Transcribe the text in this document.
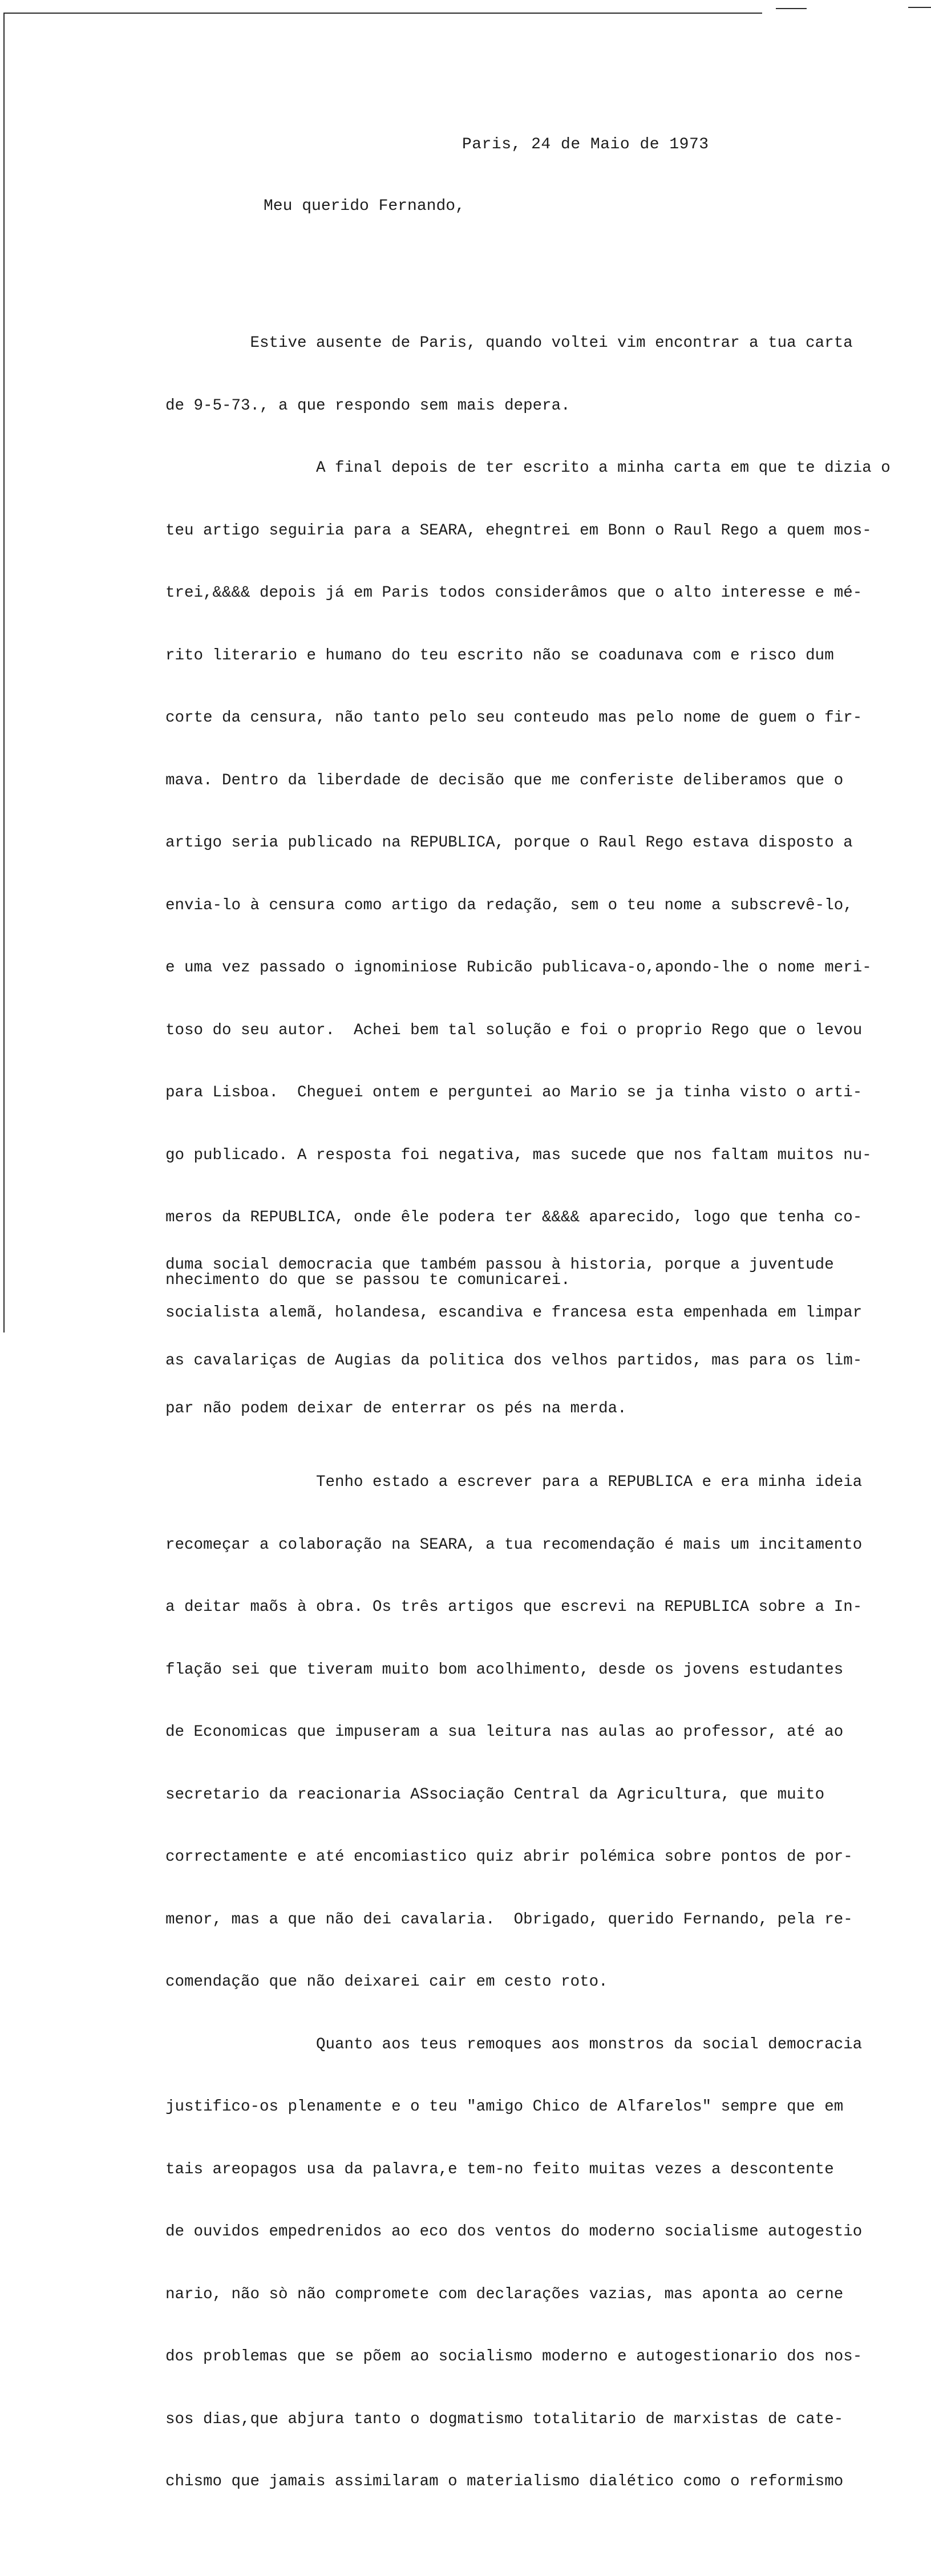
Paris, 24 de Maio de 1973
Meu querido Fernando,

Estive ausente de Paris, quando voltei vim encontrar a tua carta

de 9-5-73., a que respondo sem mais depera.

A final depois de ter escrito a minha carta em que te dizia o

teu artigo seguiria para a SEARA, ehegntrei em Bonn o Raul Rego a quem mos-

trei,&&&& depois já em Paris todos considerâmos que o alto interesse e mé-

rito literario e humano do teu escrito não se coadunava com e risco dum

corte da censura, não tanto pelo seu conteudo mas pelo nome de guem o fir-

mava. Dentro da liberdade de decisão que me conferiste deliberamos que o

artigo seria publicado na REPUBLICA, porque o Raul Rego estava disposto a

envia-lo à censura como artigo da redação, sem o teu nome a subscrevê-lo,

e uma vez passado o ignominiose Rubicão publicava-o,apondo-lhe o nome meri-

toso do seu autor.  Achei bem tal solução e foi o proprio Rego que o levou

para Lisboa.  Cheguei ontem e perguntei ao Mario se ja tinha visto o arti-

go publicado. A resposta foi negativa, mas sucede que nos faltam muitos nu-

meros da REPUBLICA, onde êle podera ter &&&& aparecido, logo que tenha co-

nhecimento do que se passou te comunicarei.

Tenho estado a escrever para a REPUBLICA e era minha ideia

recomeçar a colaboração na SEARA, a tua recomendação é mais um incitamento

a deitar maõs à obra. Os três artigos que escrevi na REPUBLICA sobre a In-

flação sei que tiveram muito bom acolhimento, desde os jovens estudantes

de Economicas que impuseram a sua leitura nas aulas ao professor, até ao

secretario da reacionaria ASsociação Central da Agricultura, que muito

correctamente e até encomiastico quiz abrir polémica sobre pontos de por-

menor, mas a que não dei cavalaria.  Obrigado, querido Fernando, pela re-

comendação que não deixarei cair em cesto roto.

Quanto aos teus remoques aos monstros da social democracia

justifico-os plenamente e o teu "amigo Chico de Alfarelos" sempre que em

tais areopagos usa da palavra,e tem-no feito muitas vezes a descontente

de ouvidos empedrenidos ao eco dos ventos do moderno socialisme autogestio

nario, não sò não compromete com declarações vazias, mas aponta ao cerne

dos problemas que se põem ao socialismo moderno e autogestionario dos nos-

sos dias,que abjura tanto o dogmatismo totalitario de marxistas de cate-

chismo que jamais assimilaram o materialismo dialético como o reformismo

duma social democracia que também passou à historia, porque a juventude

socialista alemã, holandesa, escandiva e francesa esta empenhada em limpar

as cavalariças de Augias da politica dos velhos partidos, mas para os lim-

par não podem deixar de enterrar os pés na merda.
